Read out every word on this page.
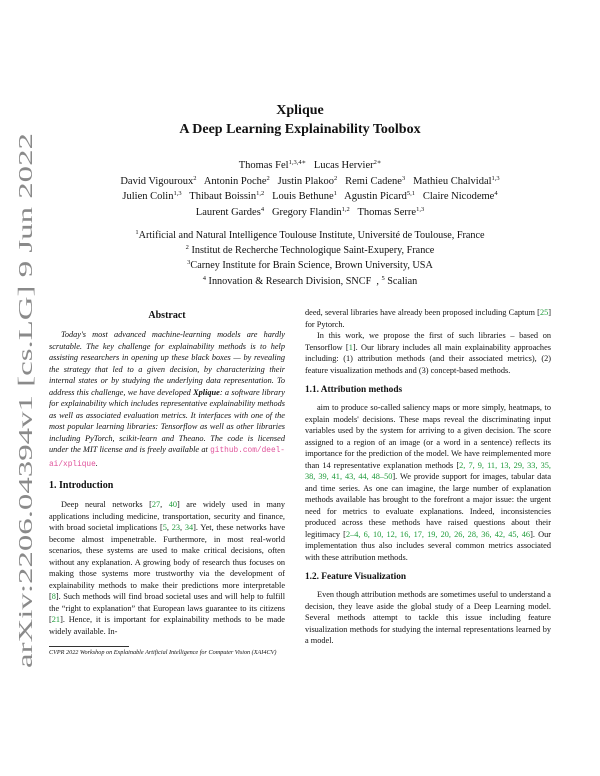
arXiv:2206.04394v1 [cs.LG] 9 Jun 2022
Xplique
A Deep Learning Explainability Toolbox
Thomas Fel$^{1,3,4∗}$ Lucas Hervier$^{2∗}$
David Vigouroux$^2$ Antonin Poche$^2$ Justin Plakoo$^2$ Remi Cadene$^3$ Mathieu Chalvidal$^{1,3}$
Julien Colin$^{1,3}$ Thibaut Boissin$^{1,2}$ Louis Bethune$^1$ Agustin Picard$^{5,1}$ Claire Nicodeme$^4$
Laurent Gardes$^4$ Gregory Flandin$^{1,2}$ Thomas Serre$^{1,3}$
$^1$Artificial and Natural Intelligence Toulouse Institute, Université de Toulouse, France
$^2$ Institut de Recherche Technologique Saint-Exupery, France
$^3$Carney Institute for Brain Science, Brown University, USA
$^4$ Innovation & Research Division, SNCF  , $^5$ Scalian
Abstract

Today's most advanced machine-learning models are hardly scrutable. The key challenge for explainability methods is to help assisting researchers in opening up these black boxes — by revealing the strategy that led to a given decision, by characterizing their internal states or by studying the underlying data representation. To address this challenge, we have developed Xplique: a software library for explainability which includes representative explainability methods as well as associated evaluation metrics. It interfaces with one of the most popular learning libraries: Tensorflow as well as other libraries including PyTorch, scikit-learn and Theano. The code is licensed under the MIT license and is freely available at github.com/deel-ai/xplique.

1. Introduction

Deep neural networks [27, 40] are widely used in many applications including medicine, transportation, security and finance, with broad societal implications [5, 23, 34]. Yet, these networks have become almost impenetrable. Furthermore, in most real-world scenarios, these systems are used to make critical decisions, often without any explanation. A growing body of research thus focuses on making those systems more trustworthy via the development of explainability methods to make their predictions more interpretable [8]. Such methods will find broad societal uses and will help to fulfill the “right to explanation” that European laws guarantee to its citizens [21]. Hence, it is important for explainability methods to be made widely available. In-

CVPR 2022 Workshop on Explainable Artificial Intelligence for Computer Vision (XAI4CV)

deed, several libraries have already been proposed including Captum [25] for Pytorch.

In this work, we propose the first of such libraries – based on Tensorflow [1]. Our library includes all main explainability approaches including: (1) attribution methods (and their associated metrics), (2) feature visualization methods and (3) concept-based methods.

1.1. Attribution methods

aim to produce so-called saliency maps or more simply, heatmaps, to explain models' decisions. These maps reveal the discriminating input variables used by the system for arriving to a given decision. The score assigned to a region of an image (or a word in a sentence) reflects its importance for the prediction of the model. We have reimplemented more than 14 representative explanation methods [2, 7, 9, 11, 13, 29, 33, 35, 38, 39, 41, 43, 44, 48–50]. We provide support for images, tabular data and time series. As one can imagine, the large number of explanation methods available has brought to the forefront a major issue: the urgent need for metrics to evaluate explanations. Indeed, inconsistencies produced across these methods have raised questions about their legitimacy [2–4, 6, 10, 12, 16, 17, 19, 20, 26, 28, 36, 42, 45, 46]. Our implementation thus also includes several common metrics associated with these attribution methods.

1.2. Feature Visualization

Even though attribution methods are sometimes useful to understand a decision, they leave aside the global study of a Deep Learning model. Several methods attempt to tackle this issue including feature visualization methods for studying the internal representations learned by a model.
